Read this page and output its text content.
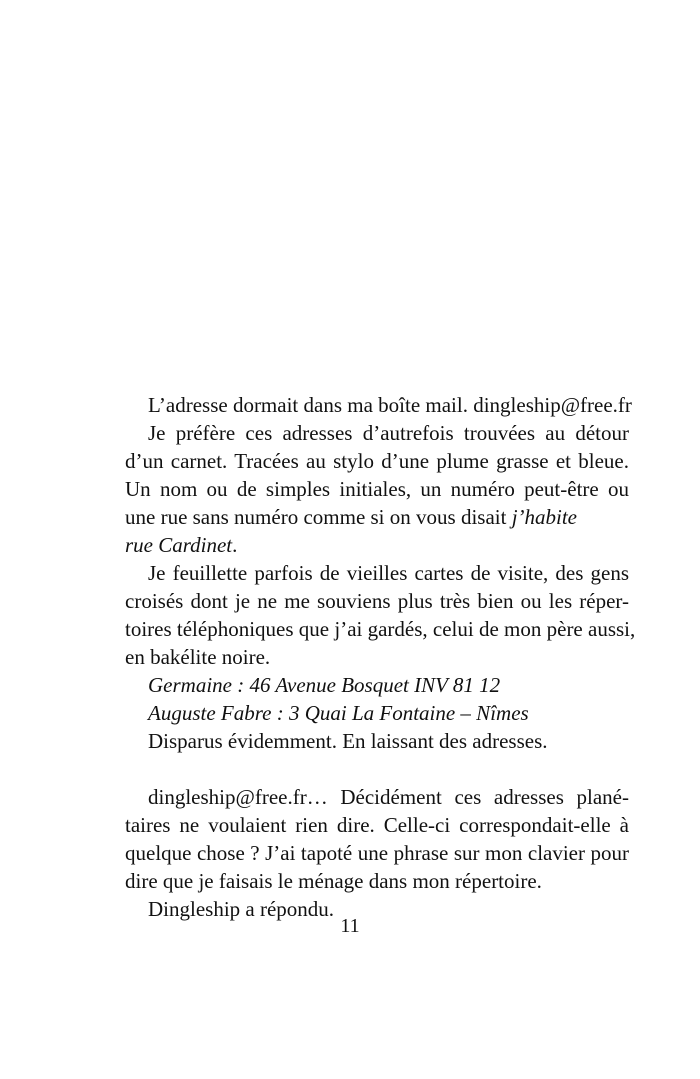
L’adresse dormait dans ma boîte mail. dingleship@free.fr
Je préfère ces adresses d’autrefois trouvées au détour
d’un carnet. Tracées au stylo d’une plume grasse et bleue.
Un nom ou de simples initiales, un numéro peut-être ou
une rue sans numéro comme si on vous disait j’habite
rue Cardinet.
Je feuillette parfois de vieilles cartes de visite, des gens
croisés dont je ne me souviens plus très bien ou les réper-
toires téléphoniques que j’ai gardés, celui de mon père aussi,
en bakélite noire.
Germaine : 46 Avenue Bosquet INV 81 12
Auguste Fabre : 3 Quai La Fontaine – Nîmes
Disparus évidemment. En laissant des adresses.
dingleship@free.fr… Décidément ces adresses plané-
taires ne voulaient rien dire. Celle-ci correspondait-elle à
quelque chose ? J’ai tapoté une phrase sur mon clavier pour
dire que je faisais le ménage dans mon répertoire.
Dingleship a répondu.
11
